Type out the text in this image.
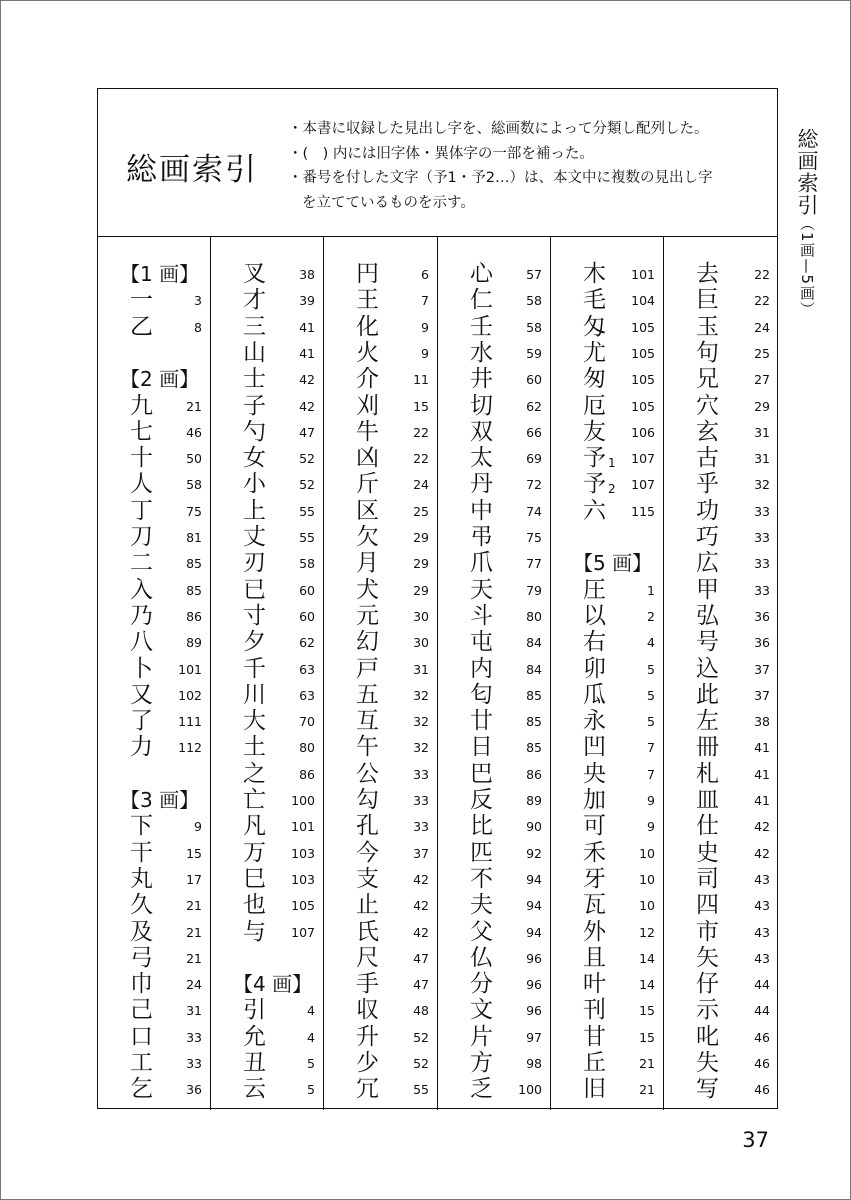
総画索引
・本書に収録した見出し字を、総画数によって分類し配列した。
・(　) 内には旧字体・異体字の一部を補った。
・番号を付した文字（予1・予2…）は、本文中に複数の見出し字
を立てているものを示す。
【1 画】
一	3
乙	8
【2 画】
九	21
七	46
十	50
人	58
丁	75
刀	81
二	85
入	85
乃	86
八	89
卜 101
又 102
了 111
力 112
【3 画】
下	9
干	15
丸	17
久	21
及	21
弓	21
巾	24
己	31
口	33
工	33
乞	36
叉	38
才	39
三	41
山	41
士	42
子	42
勺	47
女	52
小	52
上	55
丈	55
刃	58
已	60
寸	60
夕	62
千	63
川	63
大	70
土	80
之	86
亡 100
凡 101
万 103
巳 103
也 105
与 107
【4 画】
引	4
允	4
丑	5
云	5
円	6
王	7
化	9
火	9
介	11
刈	15
牛	22
凶	22
斤	24
区	25
欠	29
月	29
犬	29
元	30
幻	30
戸	31
五	32
互	32
午	32
公	33
勾	33
孔	33
今	37
支	42
止	42
氏	42
尺	47
手	47
収	48
升	52
少	52
冗	55
心	57
仁	58
壬	58
水	59
井	60
切	62
双	66
太	69
丹	72
中	74
弔	75
爪	77
天	79
斗	80
屯	84
内	84
匂	85
廿	85
日	85
巴	86
反	89
比	90
匹	92
不	94
夫	94
父	94
仏	96
分	96
文	96
片	97
方	98
乏 100
木 101
毛 104
匁 105
尤 105
匆 105
厄 105
友 106
予 1 107
予 2 107
六 115
【5 画】
圧	1
以	2
右	4
卯	5
瓜	5
永	5
凹	7
央	7
加	9
可	9
禾	10
牙	10
瓦	10
外	12
且	14
叶	14
刊	15
甘	15
丘	21
旧	21
去	22
巨	22
玉	24
句	25
兄	27
穴	29
玄	31
古	31
乎	32
功	33
巧	33
広	33
甲	33
弘	36
号	36
込	37
此	37
左	38
冊	41
札	41
皿	41
仕	42
史	42
司	43
四	43
市	43
矢	43
仔	44
示	44
叱	46
失	46
写	46
総画索引（1画—5画）
37
